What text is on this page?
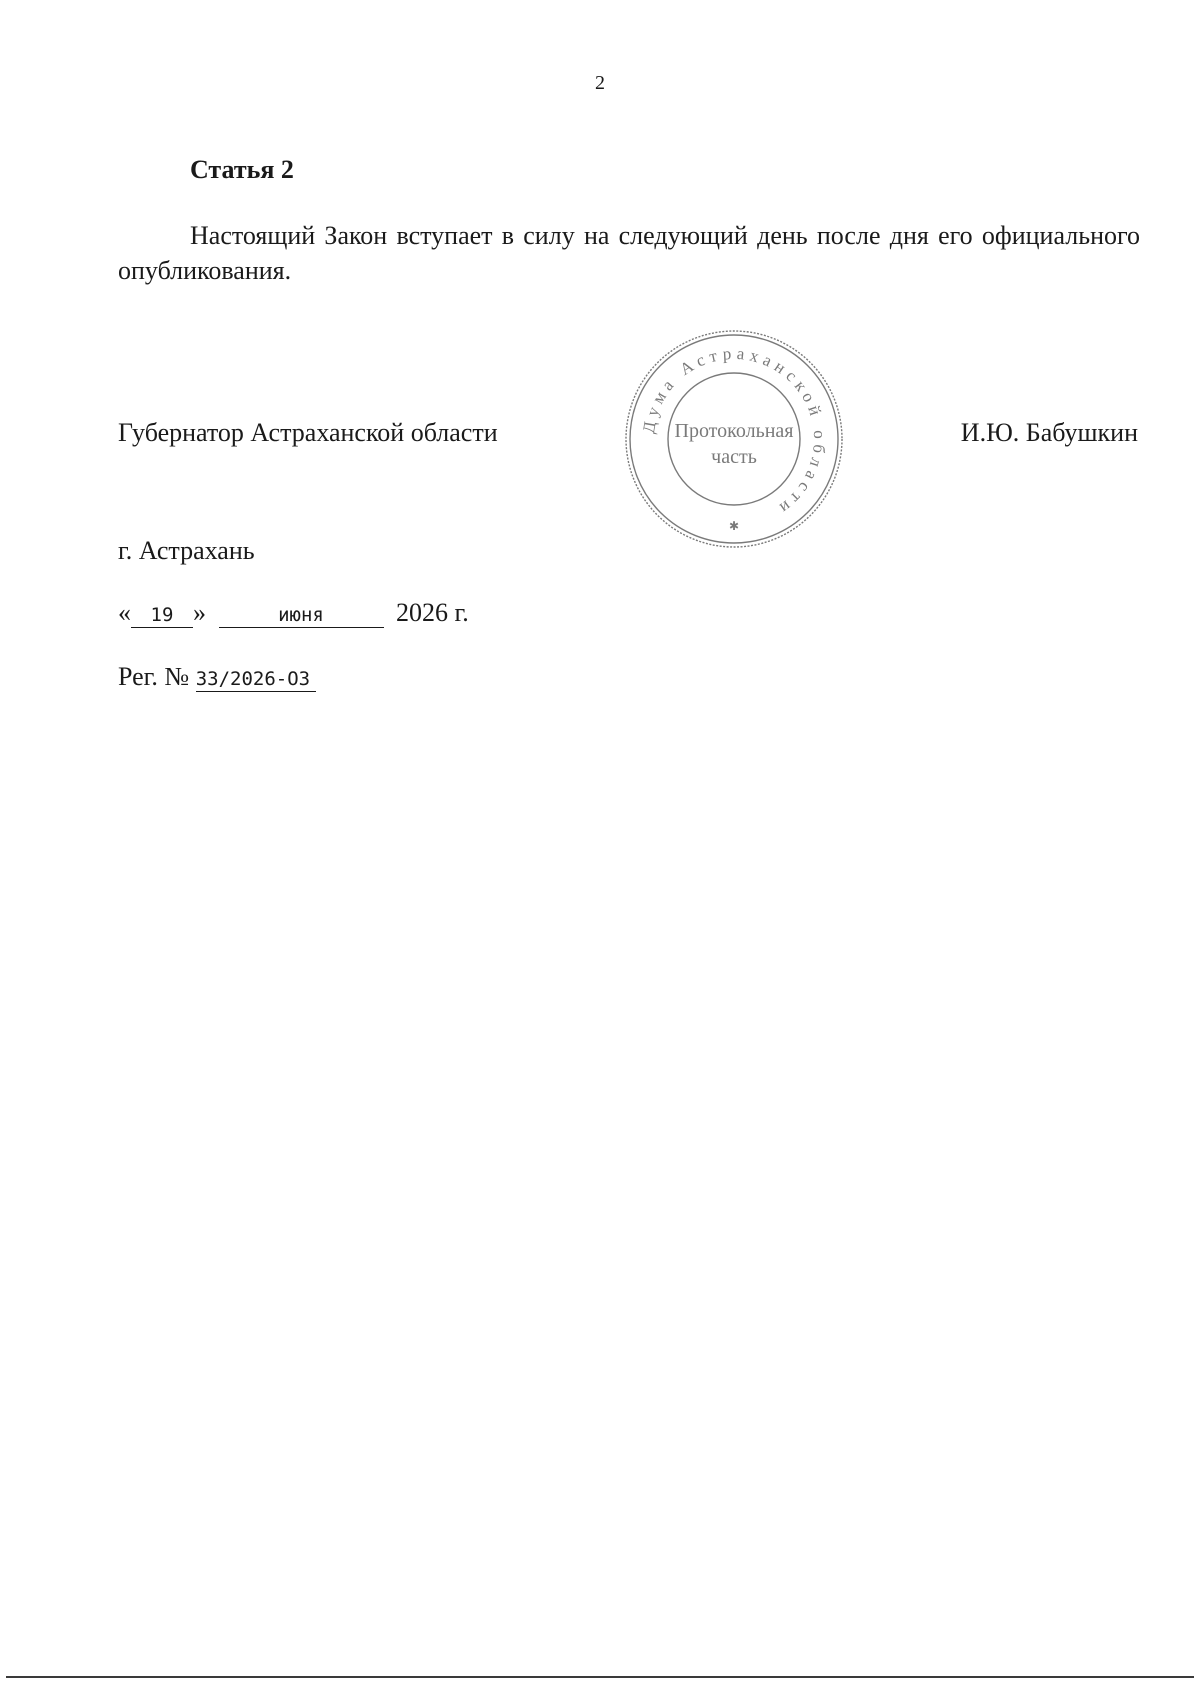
2
Статья 2

Настоящий Закон вступает в силу на следующий день после дня его официального опубликования.

Губернатор Астраханской области	Дума Астраханской области
Протокольная
часть
✱
И.Ю. Бабушкин
г. Астрахань
« 19 »	июня	2026 г.
Рег. № 33/2026-ОЗ
